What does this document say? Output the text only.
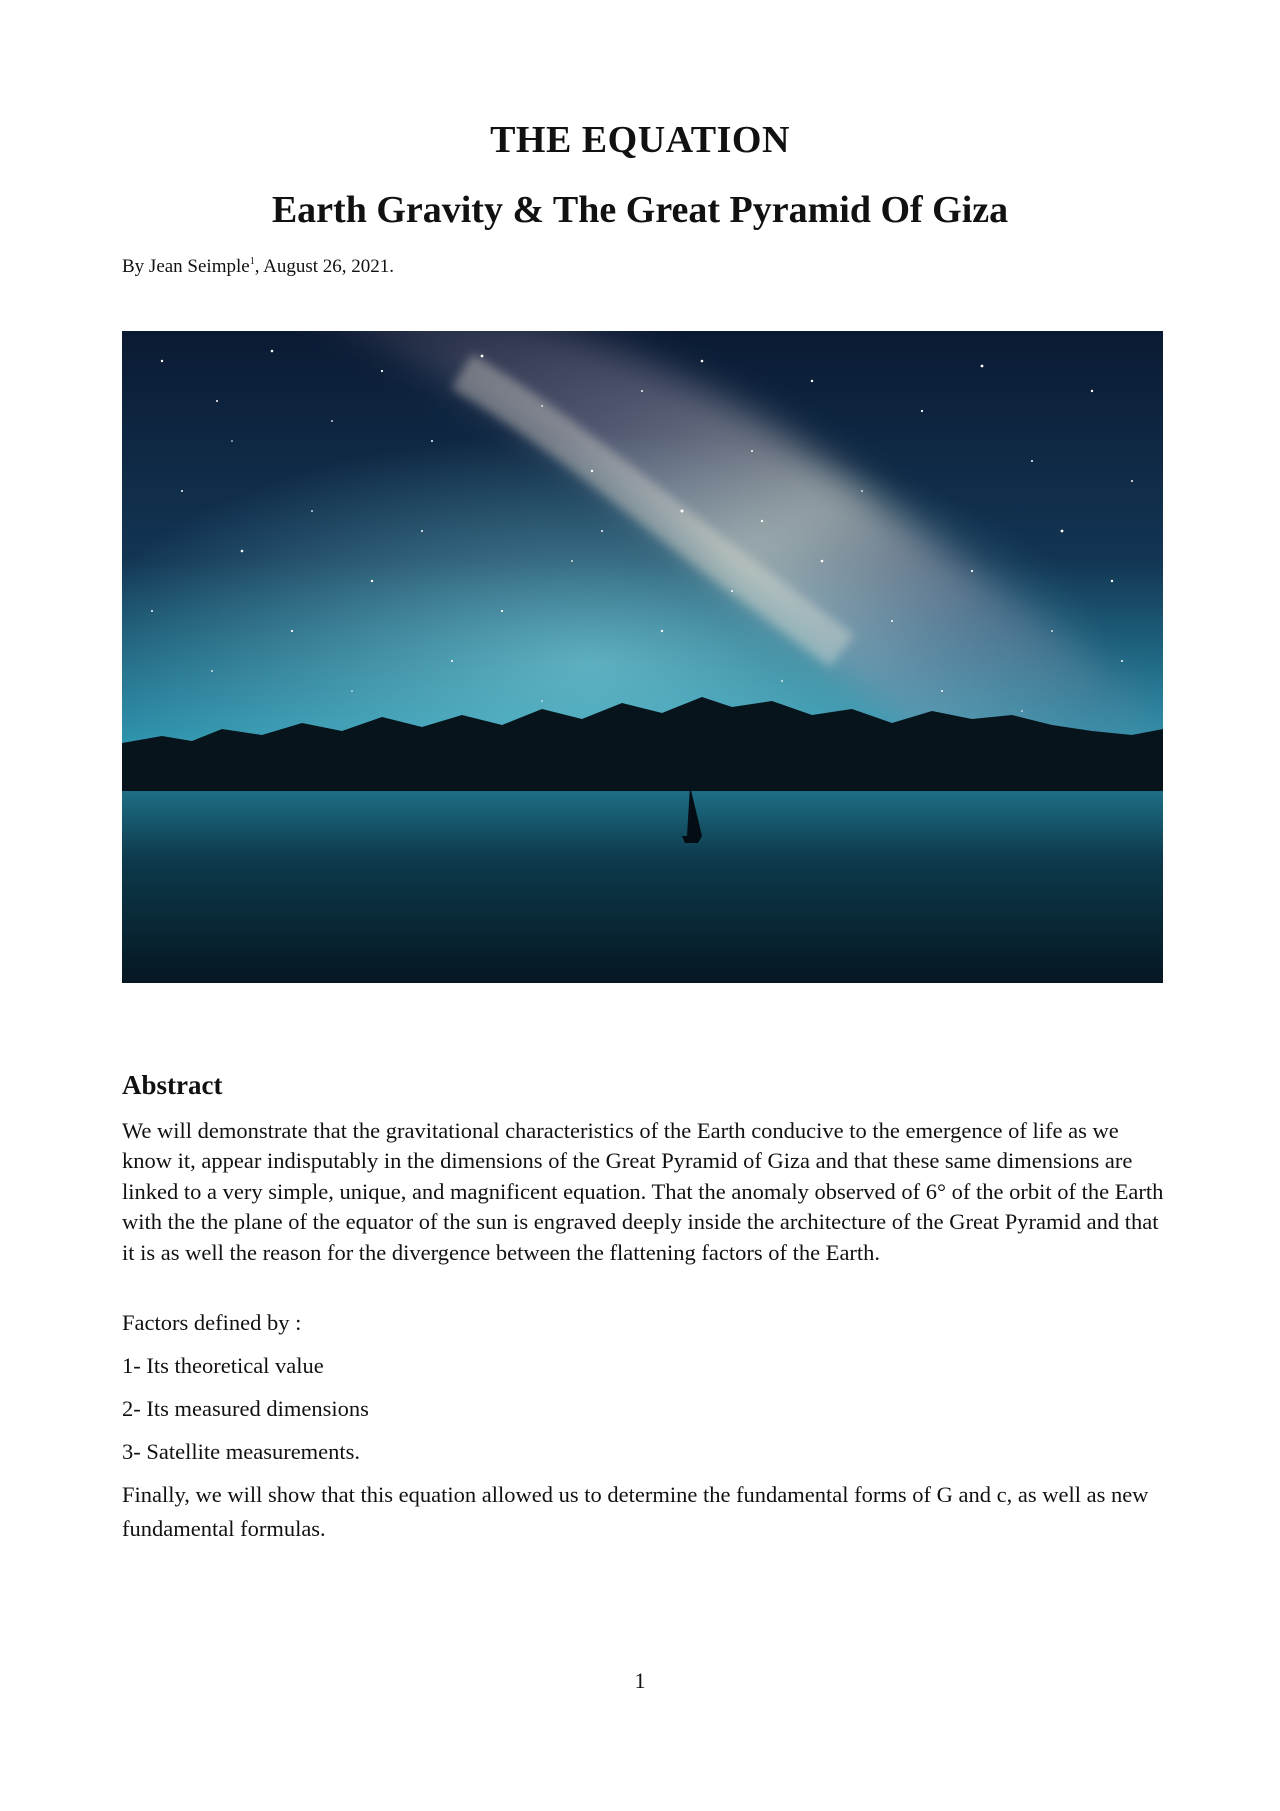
THE EQUATION
Earth Gravity & The Great Pyramid Of Giza
By Jean Seimple$^1$, August 26, 2021.
Abstract

We will demonstrate that the gravitational characteristics of the Earth conducive to the emergence of life as we know it, appear indisputably in the dimensions of the Great Pyramid of Giza and that these same dimensions are linked to a very simple, unique, and magnificent equation. That the anomaly observed of 6° of the orbit of the Earth with the the plane of the equator of the sun is engraved deeply inside the architecture of the Great Pyramid and that it is as well the reason for the divergence between the flattening factors of the Earth.

Factors defined by :

1- Its theoretical value

2- Its measured dimensions

3- Satellite measurements.

Finally, we will show that this equation allowed us to determine the fundamental forms of G and c, as well as new fundamental formulas.

1
